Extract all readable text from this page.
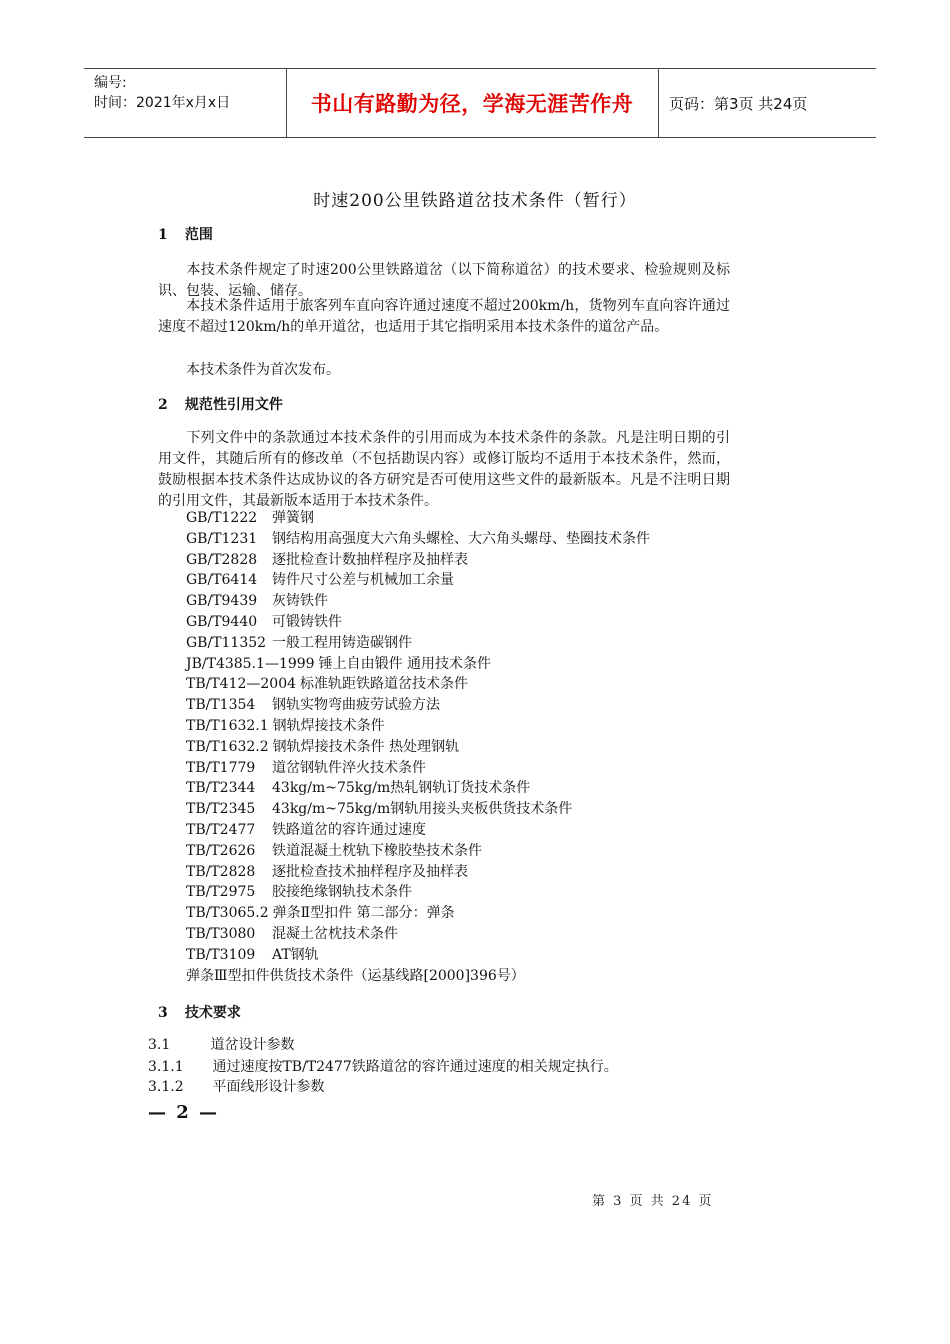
编号:
时间：2021年x月x日	书山有路勤为径，学海无涯苦作舟	页码：第3页 共24页
时速200公里铁路道岔技术条件（暂行）
1 范围
本技术条件规定了时速200公里铁路道岔（以下简称道岔）的技术要求、检验规则及标识、包装、运输、储存。
本技术条件适用于旅客列车直向容许通过速度不超过200km/h，货物列车直向容许通过速度不超过120km/h的单开道岔，也适用于其它指明采用本技术条件的道岔产品。
本技术条件为首次发布。
2 规范性引用文件
下列文件中的条款通过本技术条件的引用而成为本技术条件的条款。凡是注明日期的引用文件，其随后所有的修改单（不包括勘误内容）或修订版均不适用于本技术条件，然而，鼓励根据本技术条件达成协议的各方研究是否可使用这些文件的最新版本。凡是不注明日期的引用文件，其最新版本适用于本技术条件。
GB/T1222 弹簧钢
GB/T1231 钢结构用高强度大六角头螺栓、大六角头螺母、垫圈技术条件
GB/T2828 逐批检查计数抽样程序及抽样表
GB/T6414 铸件尺寸公差与机械加工余量
GB/T9439 灰铸铁件
GB/T9440 可锻铸铁件
GB/T11352 一般工程用铸造碳钢件
JB/T4385.1—1999 锤上自由锻件 通用技术条件
TB/T412—2004 标准轨距铁路道岔技术条件
TB/T1354 钢轨实物弯曲疲劳试验方法
TB/T1632.1 钢轨焊接技术条件
TB/T1632.2 钢轨焊接技术条件 热处理钢轨
TB/T1779 道岔钢轨件淬火技术条件
TB/T2344 43kg/m~75kg/m热轧钢轨订货技术条件
TB/T2345 43kg/m~75kg/m钢轨用接头夹板供货技术条件
TB/T2477 铁路道岔的容许通过速度
TB/T2626 铁道混凝土枕轨下橡胶垫技术条件
TB/T2828 逐批检查技术抽样程序及抽样表
TB/T2975 胶接绝缘钢轨技术条件
TB/T3065.2 弹条Ⅱ型扣件 第二部分：弹条
TB/T3080 混凝土岔枕技术条件
TB/T3109 AT钢轨
弹条Ⅲ型扣件供货技术条件（运基线路[2000]396号）
3 技术要求
3.1	道岔设计参数
3.1.1 通过速度按TB/T2477铁路道岔的容许通过速度的相关规定执行。
3.1.2 平面线形设计参数
— 2 —
第 3 页 共 24 页
